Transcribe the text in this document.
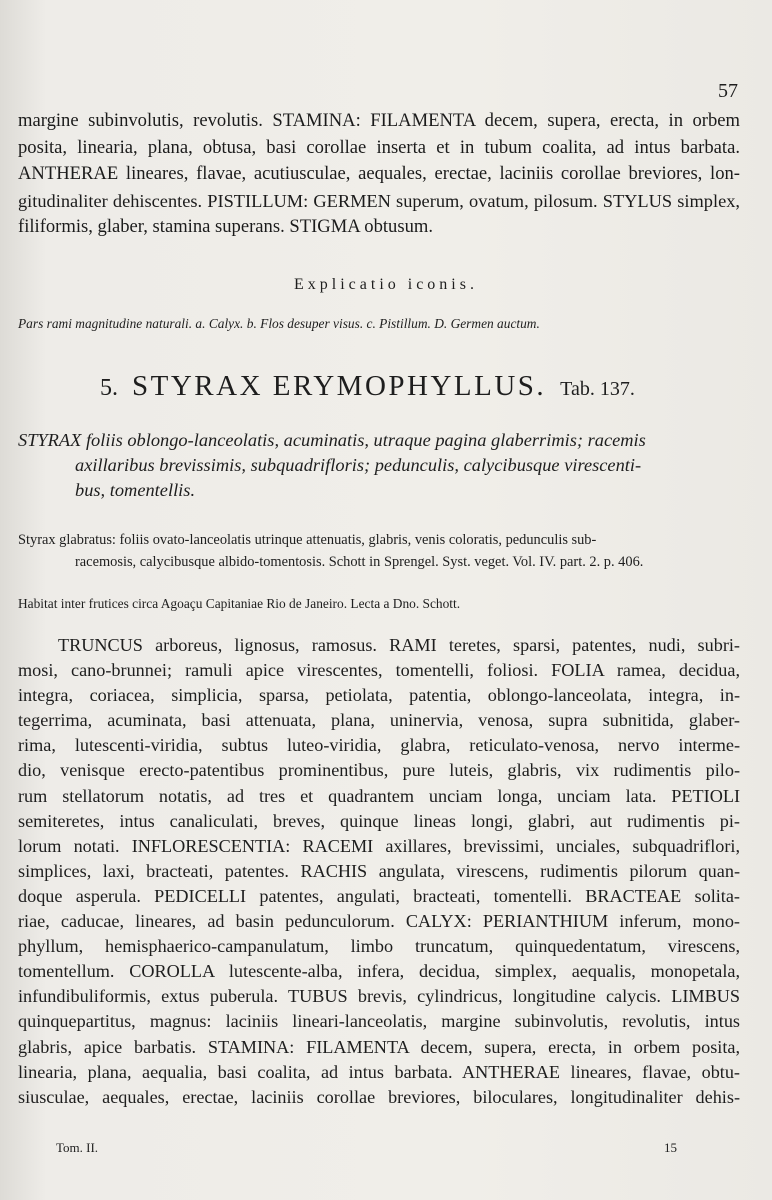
57
margine subinvolutis, revolutis. STAMINA: FILAMENTA decem, supera, erecta, in orbem
posita, linearia, plana, obtusa, basi corollae inserta et in tubum coalita, ad intus barbata.
ANTHERAE lineares, flavae, acutiusculae, aequales, erectae, laciniis corollae breviores, lon-
gitudinaliter dehiscentes. PISTILLUM: GERMEN superum, ovatum, pilosum. STYLUS simplex,
filiformis, glaber, stamina superans. STIGMA obtusum.
Explicatio iconis.
Pars rami magnitudine naturali. a. Calyx. b. Flos desuper visus. c. Pistillum. D. Germen auctum.
5. STYRAX ERYMOPHYLLUS. Tab. 137.
STYRAX foliis oblongo-lanceolatis, acuminatis, utraque pagina glaberrimis; racemis
axillaribus brevissimis, subquadrifloris; pedunculis, calycibusque virescenti-
bus, tomentellis.
Styrax glabratus: foliis ovato-lanceolatis utrinque attenuatis, glabris, venis coloratis, pedunculis sub-
racemosis, calycibusque albido-tomentosis. Schott in Sprengel. Syst. veget. Vol. IV. part. 2. p. 406.
Habitat inter frutices circa Agoaçu Capitaniae Rio de Janeiro. Lecta a Dno. Schott.
TRUNCUS arboreus, lignosus, ramosus. RAMI teretes, sparsi, patentes, nudi, subri-
mosi, cano-brunnei; ramuli apice virescentes, tomentelli, foliosi. FOLIA ramea, decidua,
integra, coriacea, simplicia, sparsa, petiolata, patentia, oblongo-lanceolata, integra, in-
tegerrima, acuminata, basi attenuata, plana, uninervia, venosa, supra subnitida, glaber-
rima, lutescenti-viridia, subtus luteo-viridia, glabra, reticulato-venosa, nervo interme-
dio, venisque erecto-patentibus prominentibus, pure luteis, glabris, vix rudimentis pilo-
rum stellatorum notatis, ad tres et quadrantem unciam longa, unciam lata. PETIOLI
semiteretes, intus canaliculati, breves, quinque lineas longi, glabri, aut rudimentis pi-
lorum notati. INFLORESCENTIA: RACEMI axillares, brevissimi, unciales, subquadriflori,
simplices, laxi, bracteati, patentes. RACHIS angulata, virescens, rudimentis pilorum quan-
doque asperula. PEDICELLI patentes, angulati, bracteati, tomentelli. BRACTEAE solita-
riae, caducae, lineares, ad basin pedunculorum. CALYX: PERIANTHIUM inferum, mono-
phyllum, hemisphaerico-campanulatum, limbo truncatum, quinquedentatum, virescens,
tomentellum. COROLLA lutescente-alba, infera, decidua, simplex, aequalis, monopetala,
infundibuliformis, extus puberula. TUBUS brevis, cylindricus, longitudine calycis. LIMBUS
quinquepartitus, magnus: laciniis lineari-lanceolatis, margine subinvolutis, revolutis, intus
glabris, apice barbatis. STAMINA: FILAMENTA decem, supera, erecta, in orbem posita,
linearia, plana, aequalia, basi coalita, ad intus barbata. ANTHERAE lineares, flavae, obtu-
siusculae, aequales, erectae, laciniis corollae breviores, biloculares, longitudinaliter dehis-
Tom. II.	15
